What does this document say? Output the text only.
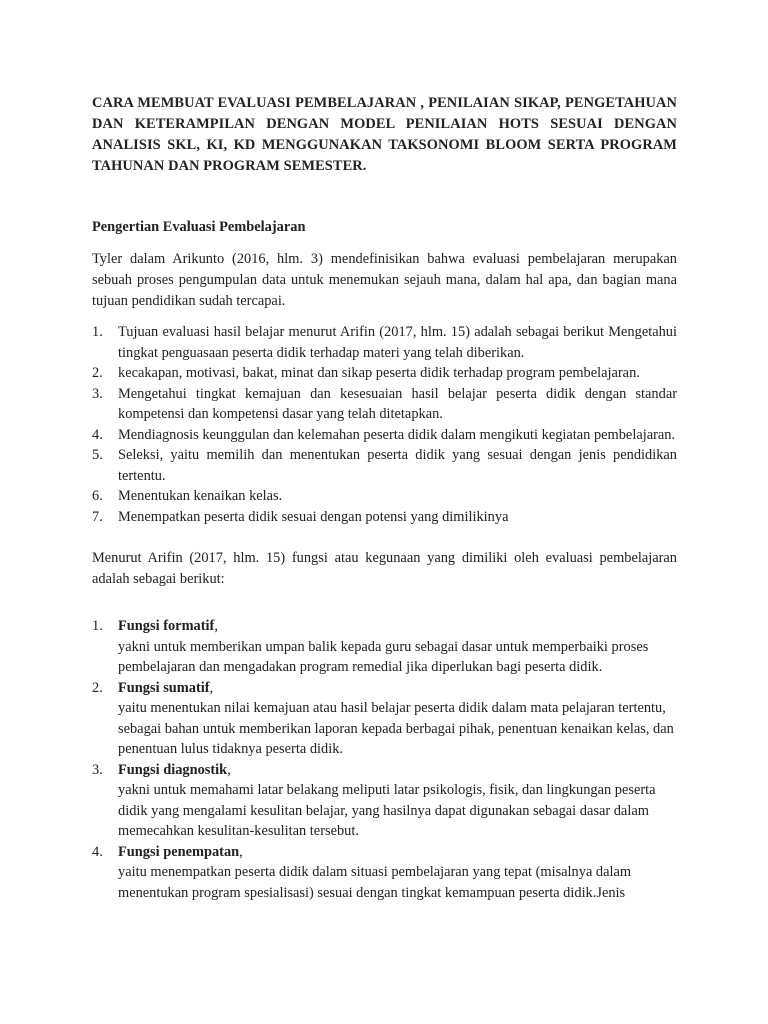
CARA MEMBUAT EVALUASI PEMBELAJARAN , PENILAIAN SIKAP, PENGETAHUAN DAN KETERAMPILAN DENGAN MODEL PENILAIAN HOTS SESUAI DENGAN ANALISIS SKL, KI, KD MENGGUNAKAN TAKSONOMI BLOOM SERTA PROGRAM TAHUNAN DAN PROGRAM SEMESTER.

Pengertian Evaluasi Pembelajaran

Tyler dalam Arikunto (2016, hlm. 3) mendefinisikan bahwa evaluasi pembelajaran merupakan sebuah proses pengumpulan data untuk menemukan sejauh mana, dalam hal apa, dan bagian mana tujuan pendidikan sudah tercapai.

1. Tujuan evaluasi hasil belajar menurut Arifin (2017, hlm. 15) adalah sebagai berikut Mengetahui tingkat penguasaan peserta didik terhadap materi yang telah diberikan.
2. kecakapan, motivasi, bakat, minat dan sikap peserta didik terhadap program pembelajaran.
3. Mengetahui tingkat kemajuan dan kesesuaian hasil belajar peserta didik dengan standar kompetensi dan kompetensi dasar yang telah ditetapkan.
4. Mendiagnosis keunggulan dan kelemahan peserta didik dalam mengikuti kegiatan pembelajaran.
5. Seleksi, yaitu memilih dan menentukan peserta didik yang sesuai dengan jenis pendidikan tertentu.
6. Menentukan kenaikan kelas.
7. Menempatkan peserta didik sesuai dengan potensi yang dimilikinya

Menurut Arifin (2017, hlm. 15) fungsi atau kegunaan yang dimiliki oleh evaluasi pembelajaran adalah sebagai berikut:

1. Fungsi formatif,
yakni untuk memberikan umpan balik kepada guru sebagai dasar untuk memperbaiki proses pembelajaran dan mengadakan program remedial jika diperlukan bagi peserta didik.
2. Fungsi sumatif,
yaitu menentukan nilai kemajuan atau hasil belajar peserta didik dalam mata pelajaran tertentu, sebagai bahan untuk memberikan laporan kepada berbagai pihak, penentuan kenaikan kelas, dan penentuan lulus tidaknya peserta didik.
3. Fungsi diagnostik,
yakni untuk memahami latar belakang meliputi latar psikologis, fisik, dan lingkungan peserta didik yang mengalami kesulitan belajar, yang hasilnya dapat digunakan sebagai dasar dalam memecahkan kesulitan-kesulitan tersebut.
4. Fungsi penempatan,
yaitu menempatkan peserta didik dalam situasi pembelajaran yang tepat (misalnya dalam menentukan program spesialisasi) sesuai dengan tingkat kemampuan peserta didik.Jenis
